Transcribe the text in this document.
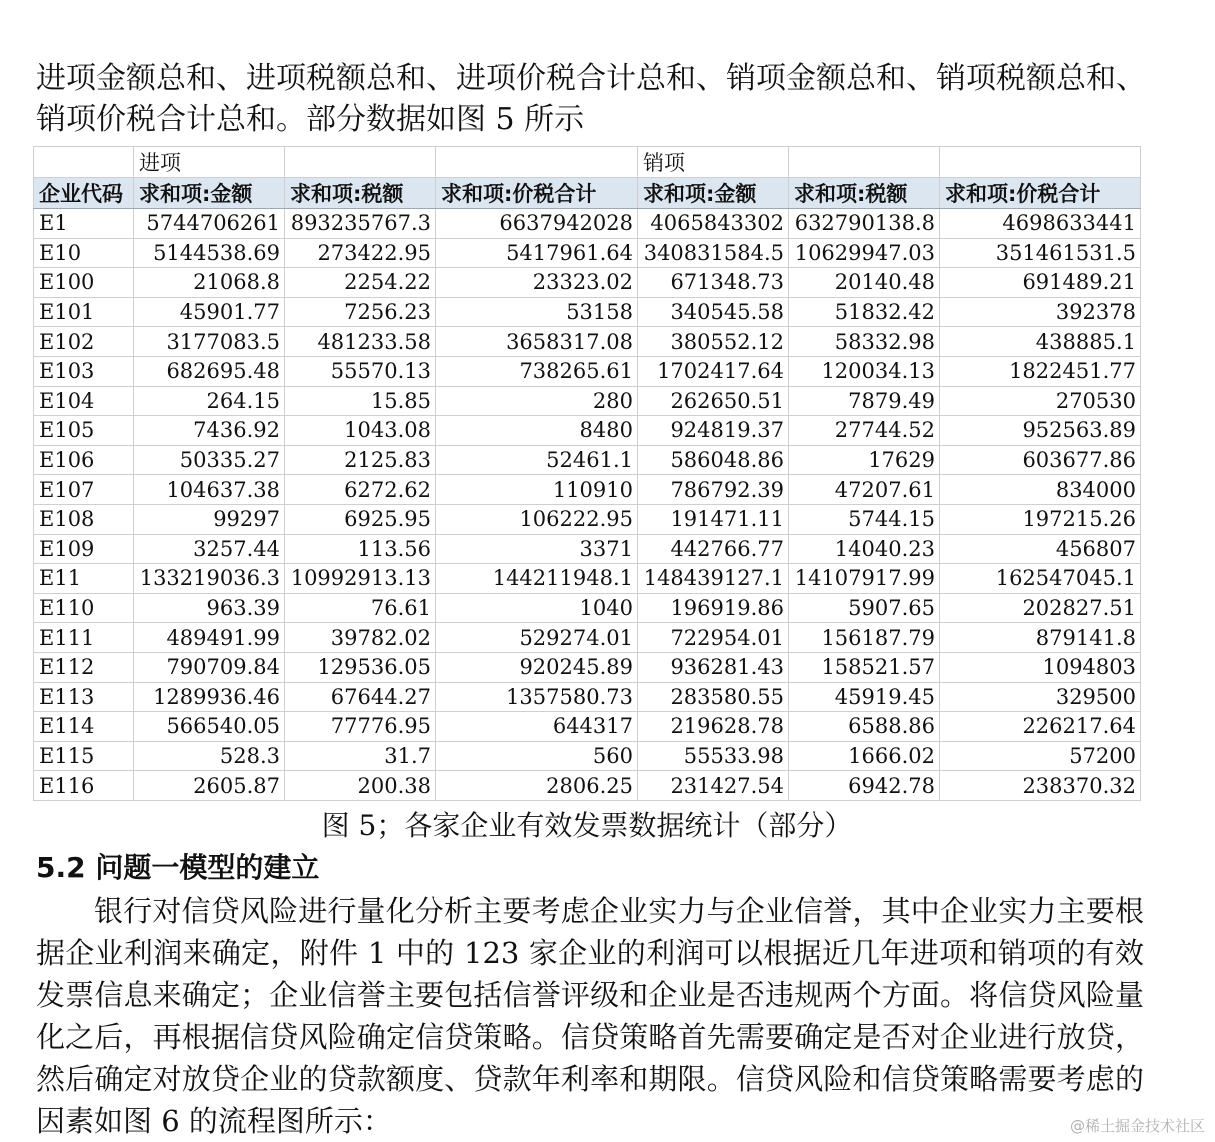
进项金额总和、进项税额总和、进项价税合计总和、销项金额总和、销项税额总和、销项价税合计总和。部分数据如图 5 所示

	进项			销项		
企业代码	求和项:金额	求和项:税额	求和项:价税合计	求和项:金额	求和项:税额	求和项:价税合计
E1	5744706261	893235767.3	6637942028	4065843302	632790138.8	4698633441
E10	5144538.69	273422.95	5417961.64	340831584.5	10629947.03	351461531.5
E100	21068.8	2254.22	23323.02	671348.73	20140.48	691489.21
E101	45901.77	7256.23	53158	340545.58	51832.42	392378
E102	3177083.5	481233.58	3658317.08	380552.12	58332.98	438885.1
E103	682695.48	55570.13	738265.61	1702417.64	120034.13	1822451.77
E104	264.15	15.85	280	262650.51	7879.49	270530
E105	7436.92	1043.08	8480	924819.37	27744.52	952563.89
E106	50335.27	2125.83	52461.1	586048.86	17629	603677.86
E107	104637.38	6272.62	110910	786792.39	47207.61	834000
E108	99297	6925.95	106222.95	191471.11	5744.15	197215.26
E109	3257.44	113.56	3371	442766.77	14040.23	456807
E11	133219036.3	10992913.13	144211948.1	148439127.1	14107917.99	162547045.1
E110	963.39	76.61	1040	196919.86	5907.65	202827.51
E111	489491.99	39782.02	529274.01	722954.01	156187.79	879141.8
E112	790709.84	129536.05	920245.89	936281.43	158521.57	1094803
E113	1289936.46	67644.27	1357580.73	283580.55	45919.45	329500
E114	566540.05	77776.95	644317	219628.78	6588.86	226217.64
E115	528.3	31.7	560	55533.98	1666.02	57200
E116	2605.87	200.38	2806.25	231427.54	6942.78	238370.32

图 5；各家企业有效发票数据统计（部分）

5.2 问题一模型的建立

银行对信贷风险进行量化分析主要考虑企业实力与企业信誉，其中企业实力主要根据企业利润来确定，附件 1 中的 123 家企业的利润可以根据近几年进项和销项的有效发票信息来确定；企业信誉主要包括信誉评级和企业是否违规两个方面。将信贷风险量化之后，再根据信贷风险确定信贷策略。信贷策略首先需要确定是否对企业进行放贷，然后确定对放贷企业的贷款额度、贷款年利率和期限。信贷风险和信贷策略需要考虑的因素如图 6 的流程图所示：	@稀土掘金技术社区
